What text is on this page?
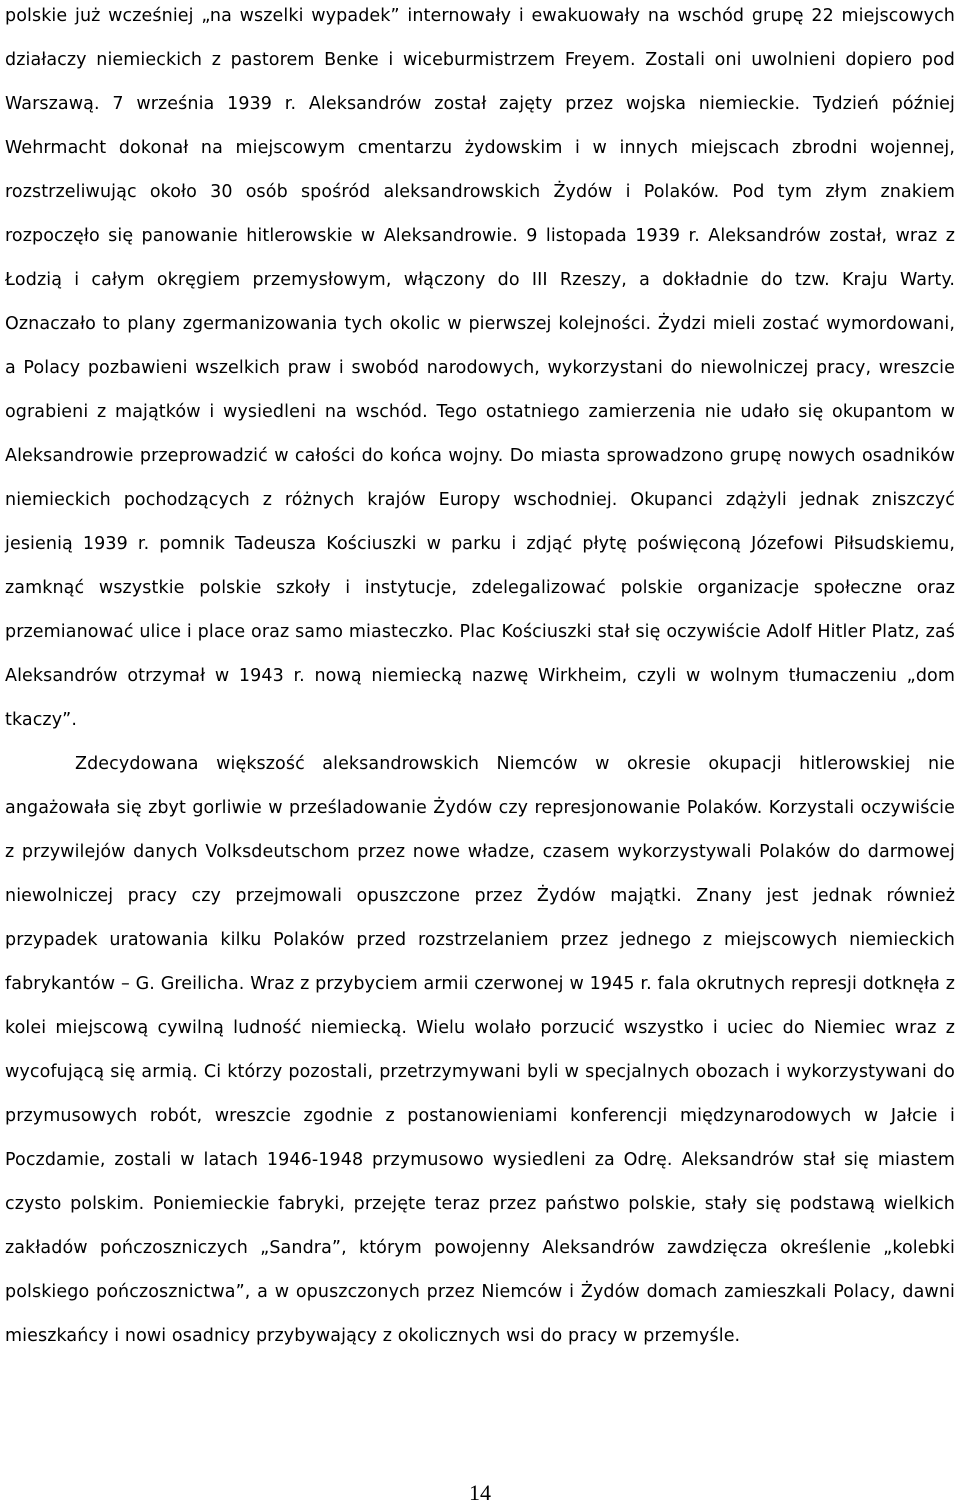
polskie już wcześniej „na wszelki wypadek” internowały i ewakuowały na wschód grupę 22 miejscowych działaczy niemieckich z pastorem Benke i wiceburmistrzem Freyem. Zostali oni uwolnieni dopiero pod Warszawą. 7 września 1939 r. Aleksandrów został zajęty przez wojska niemieckie. Tydzień później Wehrmacht dokonał na miejscowym cmentarzu żydowskim i w innych miejscach zbrodni wojennej, rozstrzeliwując około 30 osób spośród aleksandrowskich Żydów i Polaków. Pod tym złym znakiem rozpoczęło się panowanie hitlerowskie w Aleksandrowie. 9 listopada 1939 r. Aleksandrów został, wraz z Łodzią i całym okręgiem przemysłowym, włączony do III Rzeszy, a dokładnie do tzw. Kraju Warty. Oznaczało to plany zgermanizowania tych okolic w pierwszej kolejności. Żydzi mieli zostać wymordowani, a Polacy pozbawieni wszelkich praw i swobód narodowych, wykorzystani do niewolniczej pracy, wreszcie ograbieni z majątków i wysiedleni na wschód. Tego ostatniego zamierzenia nie udało się okupantom w Aleksandrowie przeprowadzić w całości do końca wojny. Do miasta sprowadzono grupę nowych osadników niemieckich pochodzących z różnych krajów Europy wschodniej. Okupanci zdążyli jednak zniszczyć jesienią 1939 r. pomnik Tadeusza Kościuszki w parku i zdjąć płytę poświęconą Józefowi Piłsudskiemu, zamknąć wszystkie polskie szkoły i instytucje, zdelegalizować polskie organizacje społeczne oraz przemianować ulice i place oraz samo miasteczko. Plac Kościuszki stał się oczywiście Adolf Hitler Platz, zaś Aleksandrów otrzymał w 1943 r. nową niemiecką nazwę Wirkheim, czyli w wolnym tłumaczeniu „dom tkaczy”.

Zdecydowana większość aleksandrowskich Niemców w okresie okupacji hitlerowskiej nie angażowała się zbyt gorliwie w prześladowanie Żydów czy represjonowanie Polaków. Korzystali oczywiście z przywilejów danych Volksdeutschom przez nowe władze, czasem wykorzystywali Polaków do darmowej niewolniczej pracy czy przejmowali opuszczone przez Żydów majątki. Znany jest jednak również przypadek uratowania kilku Polaków przed rozstrzelaniem przez jednego z miejscowych niemieckich fabrykantów – G. Greilicha. Wraz z przybyciem armii czerwonej w 1945 r. fala okrutnych represji dotknęła z kolei miejscową cywilną ludność niemiecką. Wielu wolało porzucić wszystko i uciec do Niemiec wraz z wycofującą się armią. Ci którzy pozostali, przetrzymywani byli w specjalnych obozach i wykorzystywani do przymusowych robót, wreszcie zgodnie z postanowieniami konferencji międzynarodowych w Jałcie i Poczdamie, zostali w latach 1946-1948 przymusowo wysiedleni za Odrę. Aleksandrów stał się miastem czysto polskim. Poniemieckie fabryki, przejęte teraz przez państwo polskie, stały się podstawą wielkich zakładów pończoszniczych „Sandra”, którym powojenny Aleksandrów zawdzięcza określenie „kolebki polskiego pończosznictwa”, a w opuszczonych przez Niemców i Żydów domach zamieszkali Polacy, dawni mieszkańcy i nowi osadnicy przybywający z okolicznych wsi do pracy w przemyśle.

14
